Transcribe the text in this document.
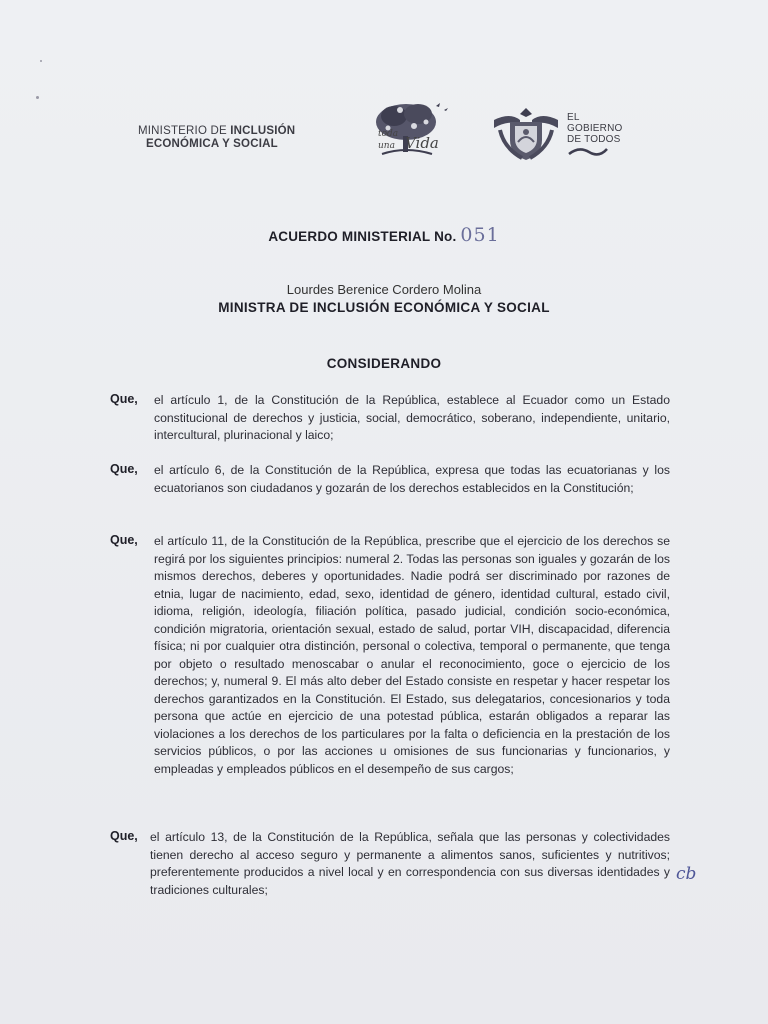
MINISTERIO DE INCLUSIÓN
ECONÓMICA Y SOCIAL
toda
una Vida
EL
GOBIERNO
DE TODOS
ACUERDO MINISTERIAL No. 051
Lourdes Berenice Cordero Molina
MINISTRA DE INCLUSIÓN ECONÓMICA Y SOCIAL
CONSIDERANDO
Que, el artículo 1, de la Constitución de la República, establece al Ecuador como un Estado constitucional de derechos y justicia, social, democrático, soberano, independiente, unitario, intercultural, plurinacional y laico;
Que, el artículo 6, de la Constitución de la República, expresa que todas las ecuatorianas y los ecuatorianos son ciudadanos y gozarán de los derechos establecidos en la Constitución;
Que, el artículo 11, de la Constitución de la República, prescribe que el ejercicio de los derechos se regirá por los siguientes principios: numeral 2. Todas las personas son iguales y gozarán de los mismos derechos, deberes y oportunidades. Nadie podrá ser discriminado por razones de etnia, lugar de nacimiento, edad, sexo, identidad de género, identidad cultural, estado civil, idioma, religión, ideología, filiación política, pasado judicial, condición socio-económica, condición migratoria, orientación sexual, estado de salud, portar VIH, discapacidad, diferencia física; ni por cualquier otra distinción, personal o colectiva, temporal o permanente, que tenga por objeto o resultado menoscabar o anular el reconocimiento, goce o ejercicio de los derechos; y, numeral 9. El más alto deber del Estado consiste en respetar y hacer respetar los derechos garantizados en la Constitución. El Estado, sus delegatarios, concesionarios y toda persona que actúe en ejercicio de una potestad pública, estarán obligados a reparar las violaciones a los derechos de los particulares por la falta o deficiencia en la prestación de los servicios públicos, o por las acciones u omisiones de sus funcionarias y funcionarios, y empleadas y empleados públicos en el desempeño de sus cargos;
Que, el artículo 13, de la Constitución de la República, señala que las personas y colectividades tienen derecho al acceso seguro y permanente a alimentos sanos, suficientes y nutritivos; preferentemente producidos a nivel local y en correspondencia con sus diversas identidades y tradiciones culturales;
cb
